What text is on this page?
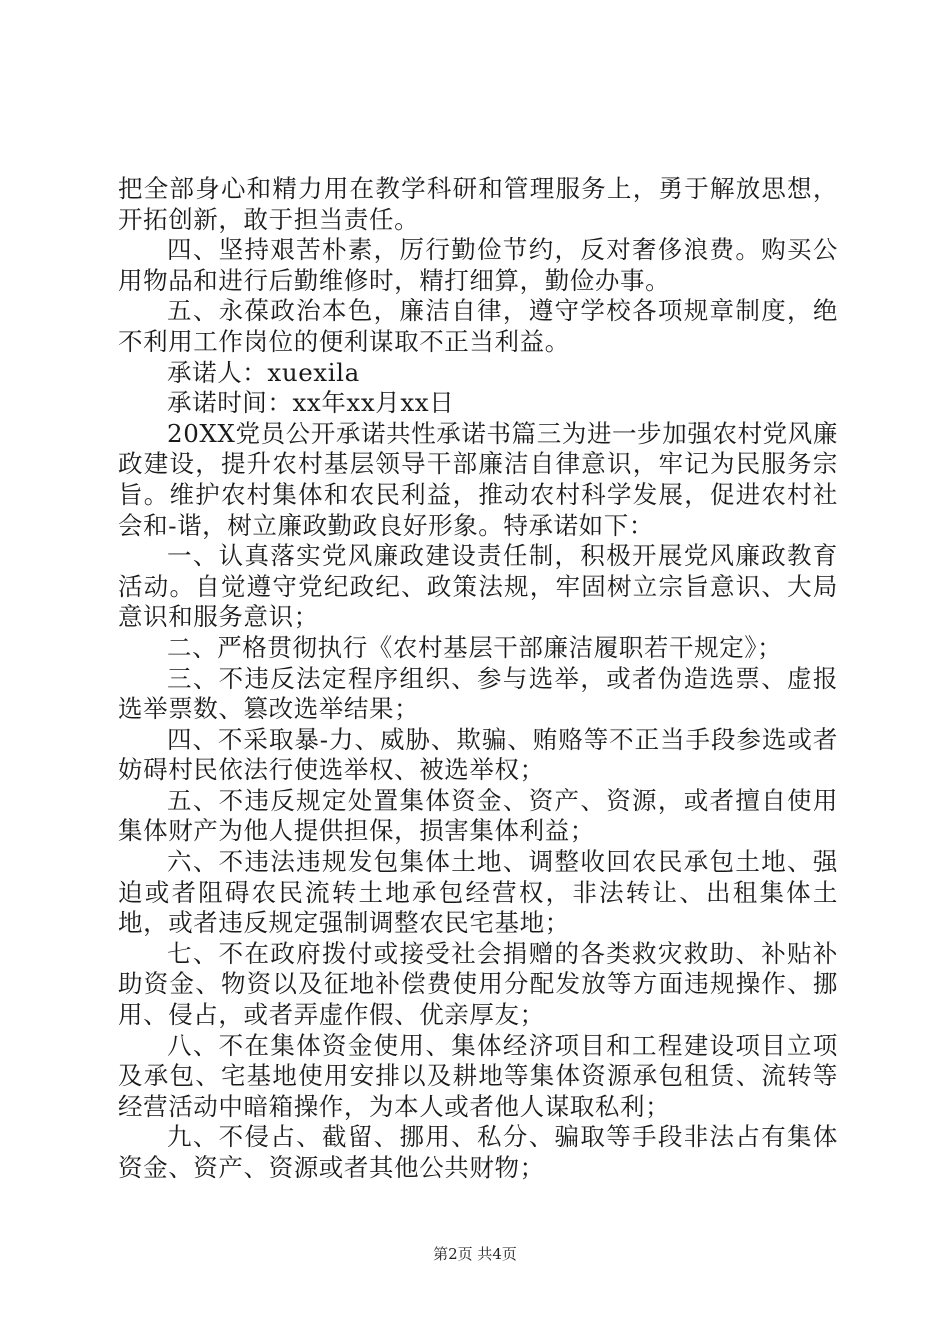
把全部身心和精力用在教学科研和管理服务上，勇于解放思想，开拓创新，敢于担当责任。

四、坚持艰苦朴素，厉行勤俭节约，反对奢侈浪费。购买公用物品和进行后勤维修时，精打细算，勤俭办事。

五、永葆政治本色，廉洁自律，遵守学校各项规章制度，绝不利用工作岗位的便利谋取不正当利益。

承诺人：xuexila

承诺时间：xx年xx月xx日

20XX党员公开承诺共性承诺书篇三为进一步加强农村党风廉政建设，提升农村基层领导干部廉洁自律意识，牢记为民服务宗旨。维护农村集体和农民利益，推动农村科学发展，促进农村社会和-谐，树立廉政勤政良好形象。特承诺如下：

一、认真落实党风廉政建设责任制，积极开展党风廉政教育活动。自觉遵守党纪政纪、政策法规，牢固树立宗旨意识、大局意识和服务意识；

二、严格贯彻执行《农村基层干部廉洁履职若干规定》；

三、不违反法定程序组织、参与选举，或者伪造选票、虚报选举票数、篡改选举结果；

四、不采取暴-力、威胁、欺骗、贿赂等不正当手段参选或者妨碍村民依法行使选举权、被选举权；

五、不违反规定处置集体资金、资产、资源，或者擅自使用集体财产为他人提供担保，损害集体利益；

六、不违法违规发包集体土地、调整收回农民承包土地、强迫或者阻碍农民流转土地承包经营权，非法转让、出租集体土地，或者违反规定强制调整农民宅基地；

七、不在政府拨付或接受社会捐赠的各类救灾救助、补贴补助资金、物资以及征地补偿费使用分配发放等方面违规操作、挪用、侵占，或者弄虚作假、优亲厚友；

八、不在集体资金使用、集体经济项目和工程建设项目立项及承包、宅基地使用安排以及耕地等集体资源承包租赁、流转等经营活动中暗箱操作，为本人或者他人谋取私利；

九、不侵占、截留、挪用、私分、骗取等手段非法占有集体资金、资产、资源或者其他公共财物；

第2页 共4页
